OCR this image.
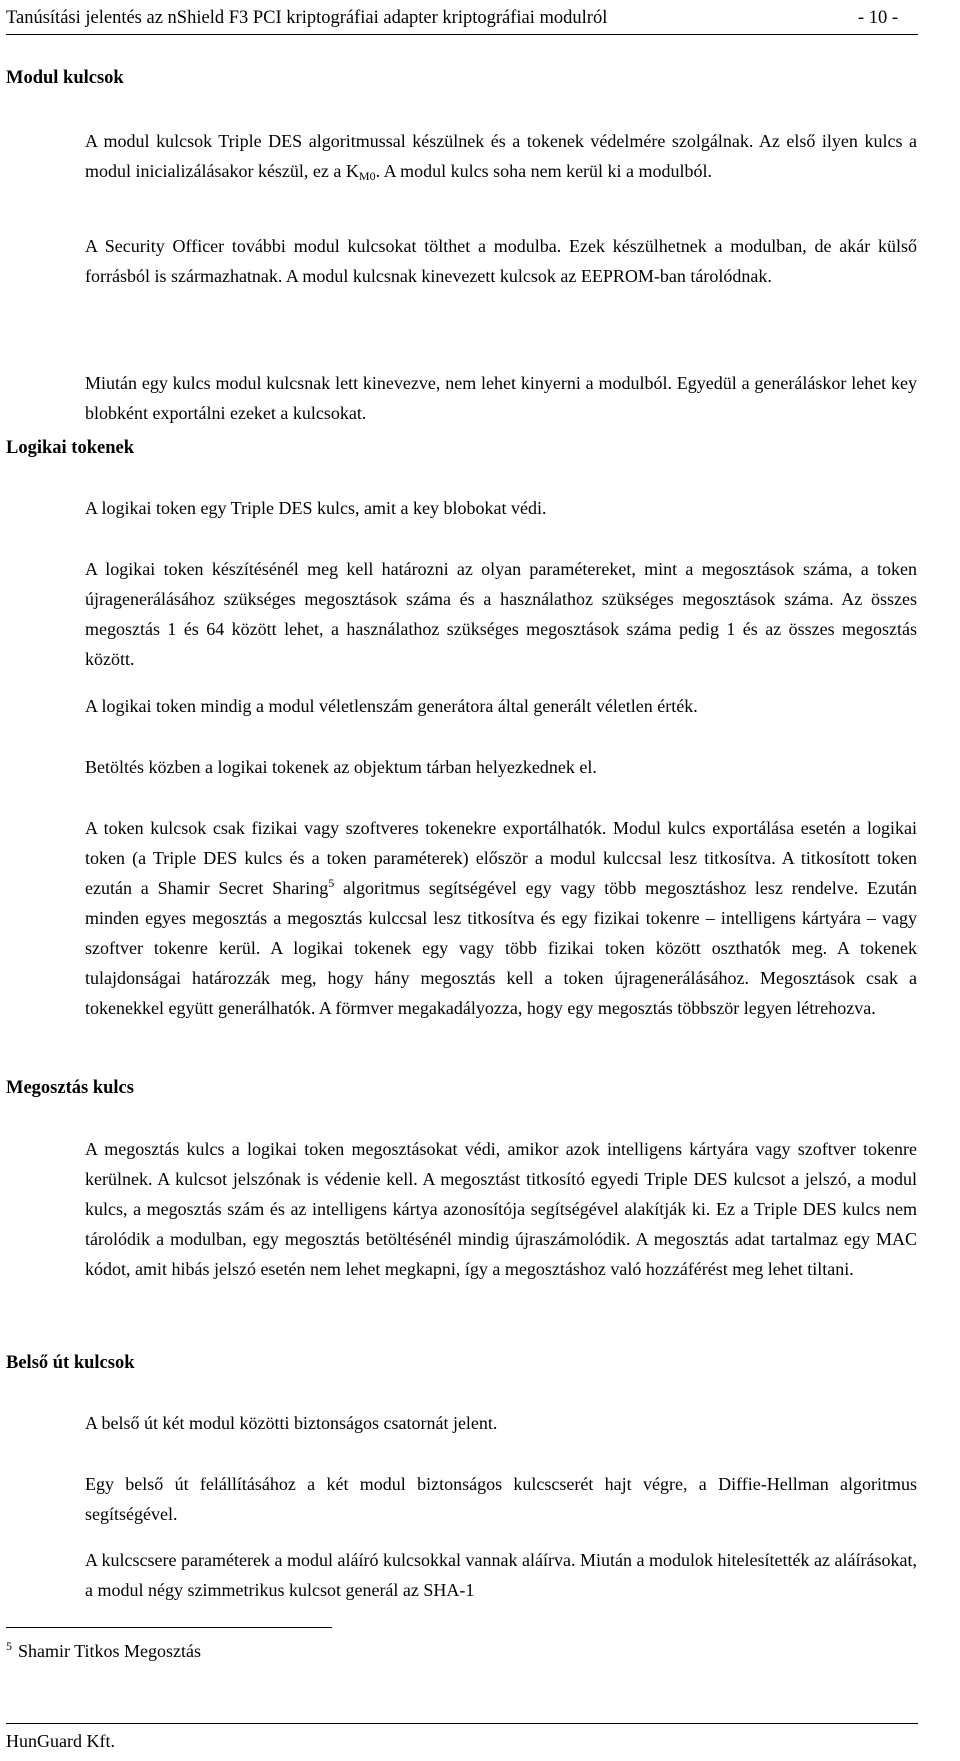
Tanúsítási jelentés az nShield F3 PCI kriptográfiai adapter kriptográfiai modulról	- 10 -
Modul kulcsok

A modul kulcsok Triple DES algoritmussal készülnek és a tokenek védelmére szolgálnak. Az első ilyen kulcs a modul inicializálásakor készül, ez a $K_{M0}$. A modul kulcs soha nem kerül ki a modulból.

A Security Officer további modul kulcsokat tölthet a modulba. Ezek készülhetnek a modulban, de akár külső forrásból is származhatnak. A modul kulcsnak kinevezett kulcsok az EEPROM-ban tárolódnak.

Miután egy kulcs modul kulcsnak lett kinevezve, nem lehet kinyerni a modulból. Egyedül a generáláskor lehet key blobként exportálni ezeket a kulcsokat.

Logikai tokenek

A logikai token egy Triple DES kulcs, amit a key blobokat védi.

A logikai token készítésénél meg kell határozni az olyan paramétereket, mint a megosztások száma, a token újragenerálásához szükséges megosztások száma és a használathoz szükséges megosztások száma. Az összes megosztás 1 és 64 között lehet, a használathoz szükséges megosztások száma pedig 1 és az összes megosztás között.

A logikai token mindig a modul véletlenszám generátora által generált véletlen érték.

Betöltés közben a logikai tokenek az objektum tárban helyezkednek el.

A token kulcsok csak fizikai vagy szoftveres tokenekre exportálhatók. Modul kulcs exportálása esetén a logikai token (a Triple DES kulcs és a token paraméterek) először a modul kulccsal lesz titkosítva. A titkosított token ezután a Shamir Secret Sharing$^5$ algoritmus segítségével egy vagy több megosztáshoz lesz rendelve. Ezután minden egyes megosztás a megosztás kulccsal lesz titkosítva és egy fizikai tokenre – intelligens kártyára – vagy szoftver tokenre kerül. A logikai tokenek egy vagy több fizikai token között oszthatók meg. A tokenek tulajdonságai határozzák meg, hogy hány megosztás kell a token újragenerálásához. Megosztások csak a tokenekkel együtt generálhatók. A förmver megakadályozza, hogy egy megosztás többször legyen létrehozva.

Megosztás kulcs

A megosztás kulcs a logikai token megosztásokat védi, amikor azok intelligens kártyára vagy szoftver tokenre kerülnek. A kulcsot jelszónak is védenie kell. A megosztást titkosító egyedi Triple DES kulcsot a jelszó, a modul kulcs, a megosztás szám és az intelligens kártya azonosítója segítségével alakítják ki. Ez a Triple DES kulcs nem tárolódik a modulban, egy megosztás betöltésénél mindig újraszámolódik. A megosztás adat tartalmaz egy MAC kódot, amit hibás jelszó esetén nem lehet megkapni, így a megosztáshoz való hozzáférést meg lehet tiltani.

Belső út kulcsok

A belső út két modul közötti biztonságos csatornát jelent.

Egy belső út felállításához a két modul biztonságos kulcscserét hajt végre, a Diffie-Hellman algoritmus segítségével.

A kulcscsere paraméterek a modul aláíró kulcsokkal vannak aláírva. Miután a modulok hitelesítették az aláírásokat, a modul négy szimmetrikus kulcsot generál az SHA-1

$^5$ Shamir Titkos Megosztás
HunGuard Kft.
